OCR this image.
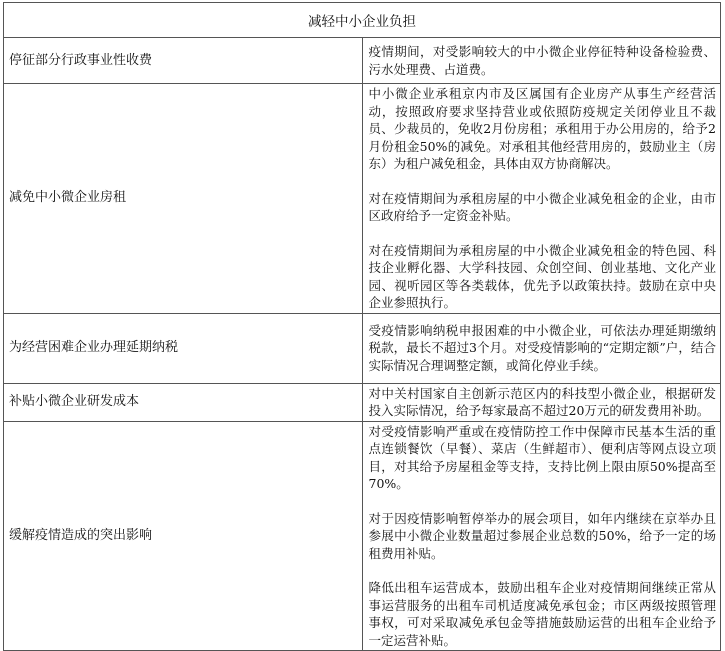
减轻中小企业负担	
停征部分行政事业性收费	疫情期间，对受影响较大的中小微企业停征特种设备检验费、污水处理费、占道费。

减免中小微企业房租	中小微企业承租京内市及区属国有企业房产从事生产经营活动，按照政府要求坚持营业或依照防疫规定关闭停业且不裁员、少裁员的，免收2月份房租；承租用于办公用房的，给予2月份租金50%的减免。对承租其他经营用房的，鼓励业主（房东）为租户减免租金，具体由双方协商解决。

对在疫情期间为承租房屋的中小微企业减免租金的企业，由市区政府给予一定资金补贴。

对在疫情期间为承租房屋的中小微企业减免租金的特色园、科技企业孵化器、大学科技园、众创空间、创业基地、文化产业园、视听园区等各类载体，优先予以政策扶持。鼓励在京中央企业参照执行。

为经营困难企业办理延期纳税	受疫情影响纳税申报困难的中小微企业，可依法办理延期缴纳税款，最长不超过3个月。对受疫情影响的“定期定额”户，结合实际情况合理调整定额，或简化停业手续。

补贴小微企业研发成本	对中关村国家自主创新示范区内的科技型小微企业，根据研发投入实际情况，给予每家最高不超过20万元的研发费用补助。

缓解疫情造成的突出影响	对受疫情影响严重或在疫情防控工作中保障市民基本生活的重点连锁餐饮（早餐）、菜店（生鲜超市）、便利店等网点设立项目，对其给予房屋租金等支持，支持比例上限由原50%提高至70%。

对于因疫情影响暂停举办的展会项目，如年内继续在京举办且参展中小微企业数量超过参展企业总数的50%，给予一定的场租费用补贴。

降低出租车运营成本，鼓励出租车企业对疫情期间继续正常从事运营服务的出租车司机适度减免承包金；市区两级按照管理事权，可对采取减免承包金等措施鼓励运营的出租车企业给予一定运营补贴。
